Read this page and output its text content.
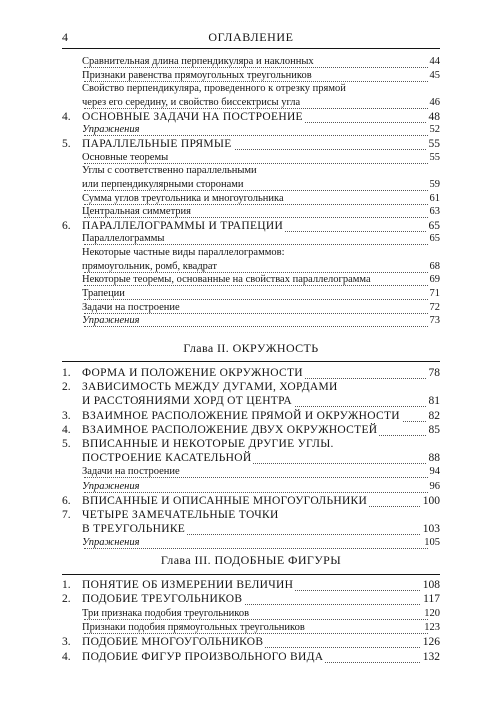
4	ОГЛАВЛЕНИЕ
Сравнительная длина перпендикуляра и наклонных	44
Признаки равенства прямоугольных треугольников	45
Свойство перпендикуляра, проведенного к отрезку прямой
через его середину, и свойство биссектрисы угла	46
4. ОСНОВНЫЕ ЗАДАЧИ НА ПОСТРОЕНИЕ	48
Упражнения	52
5. ПАРАЛЛЕЛЬНЫЕ ПРЯМЫЕ	55
Основные теоремы	55
Углы с соответственно параллельными
или перпендикулярными сторонами	59
Сумма углов треугольника и многоугольника	61
Центральная симметрия	63
6. ПАРАЛЛЕЛОГРАММЫ И ТРАПЕЦИИ	65
Параллелограммы	65
Некоторые частные виды параллелограммов:
прямоугольник, ромб, квадрат	68
Некоторые теоремы, основанные на свойствах параллелограмма	69
Трапеции	71
Задачи на построение	72
Упражнения	73
Глава II. ОКРУЖНОСТЬ
1. ФОРМА И ПОЛОЖЕНИЕ ОКРУЖНОСТИ	78
2. ЗАВИСИМОСТЬ МЕЖДУ ДУГАМИ, ХОРДАМИ
И РАССТОЯНИЯМИ ХОРД ОТ ЦЕНТРА	81
3. ВЗАИМНОЕ РАСПОЛОЖЕНИЕ ПРЯМОЙ И ОКРУЖНОСТИ 82
4. ВЗАИМНОЕ РАСПОЛОЖЕНИЕ ДВУХ ОКРУЖНОСТЕЙ	85
5. ВПИСАННЫЕ И НЕКОТОРЫЕ ДРУГИЕ УГЛЫ.
ПОСТРОЕНИЕ КАСАТЕЛЬНОЙ	88
Задачи на построение	94
Упражнения	96
6. ВПИСАННЫЕ И ОПИСАННЫЕ МНОГОУГОЛЬНИКИ	100
7. ЧЕТЫРЕ ЗАМЕЧАТЕЛЬНЫЕ ТОЧКИ
В ТРЕУГОЛЬНИКЕ	103
Упражнения	105
Глава III. ПОДОБНЫЕ ФИГУРЫ
1. ПОНЯТИЕ ОБ ИЗМЕРЕНИИ ВЕЛИЧИН	108
2. ПОДОБИЕ ТРЕУГОЛЬНИКОВ	117
Три признака подобия треугольников	120
Признаки подобия прямоугольных треугольников	123
3. ПОДОБИЕ МНОГОУГОЛЬНИКОВ	126
4. ПОДОБИЕ ФИГУР ПРОИЗВОЛЬНОГО ВИДА	132
